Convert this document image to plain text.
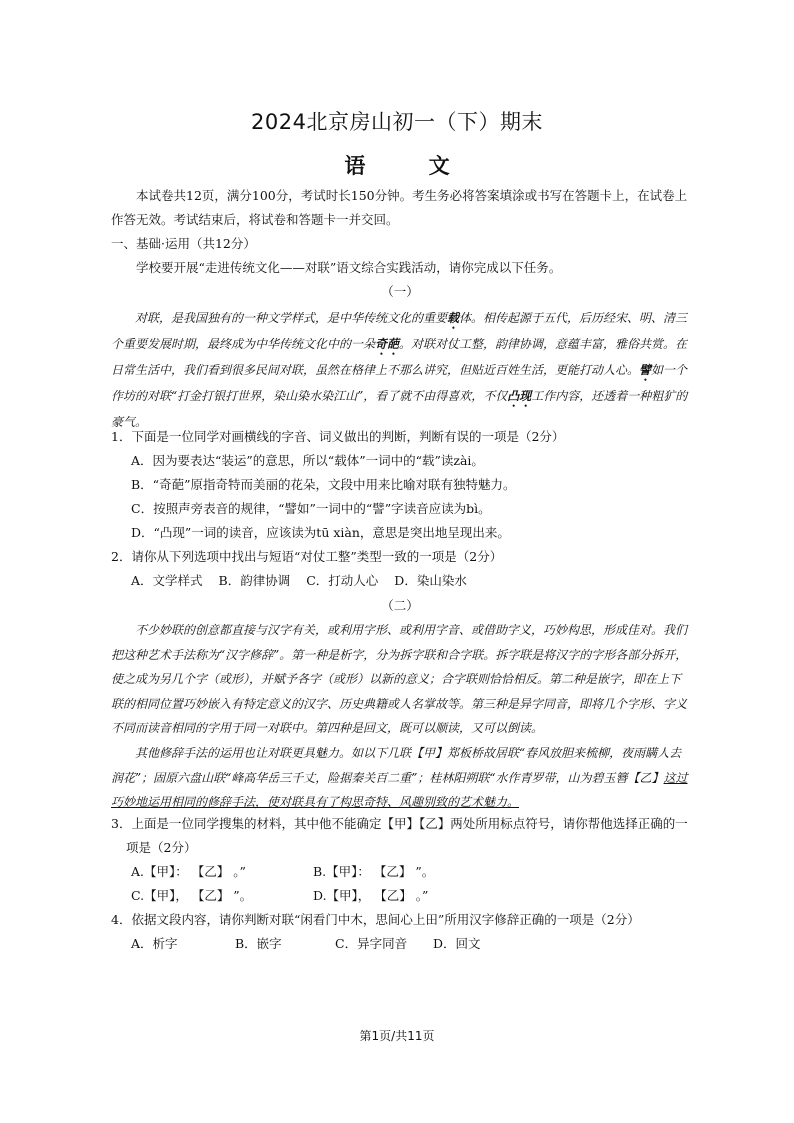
2024北京房山初一（下）期末
语 文

本试卷共12页，满分100分，考试时长150分钟。考生务必将答案填涂或书写在答题卡上，在试卷上作答无效。考试结束后，将试卷和答题卡一并交回。

一、基础·运用（共12分）

学校要开展“走进传统文化——对联”语文综合实践活动，请你完成以下任务。

（一）

对联，是我国独有的一种文学样式，是中华传统文化的重要载体。相传起源于五代，后历经宋、明、清三个重要发展时期，最终成为中华传统文化中的一朵奇葩。对联对仗工整，韵律协调，意蕴丰富，雅俗共赏。在日常生活中，我们看到很多民间对联，虽然在格律上不那么讲究，但贴近百姓生活，更能打动人心。譬如一个作坊的对联“打金打银打世界，染山染水染江山”，看了就不由得喜欢，不仅凸现工作内容，还透着一种粗犷的豪气。

1．下面是一位同学对画横线的字音、词义做出的判断，判断有误的一项是（2分）

A．因为要表达“装运”的意思，所以“载体”一词中的“载”读zài。

B．“奇葩”原指奇特而美丽的花朵，文段中用来比喻对联有独特魅力。

C．按照声旁表音的规律，“譬如”一词中的“譬”字读音应读为bì。

D．“凸现”一词的读音，应该读为tū xiàn，意思是突出地呈现出来。

2．请你从下列选项中找出与短语“对仗工整”类型一致的一项是（2分）

A．文学样式 B．韵律协调 C．打动人心 D．染山染水

（二）

不少妙联的创意都直接与汉字有关，或利用字形、或利用字音、或借助字义，巧妙构思，形成佳对。我们把这种艺术手法称为“汉字修辞”。第一种是析字，分为拆字联和合字联。拆字联是将汉字的字形各部分拆开，使之成为另几个字（或形），并赋予各字（或形）以新的意义；合字联则恰恰相反。第二种是嵌字，即在上下联的相同位置巧妙嵌入有特定意义的汉字、历史典籍或人名掌故等。第三种是异字同音，即将几个字形、字义不同而读音相同的字用于同一对联中。第四种是回文，既可以顺读，又可以倒读。

其他修辞手法的运用也让对联更具魅力。如以下几联【甲】郑板桥故居联“春风放胆来梳柳，夜雨瞒人去润花”；固原六盘山联“峰高华岳三千丈，险据秦关百二重”；桂林阳朔联“水作青罗带，山为碧玉簪【乙】这过巧妙地运用相同的修辞手法，使对联具有了构思奇特、风趣别致的艺术魅力。

3．上面是一位同学搜集的材料，其中他不能确定【甲】【乙】两处所用标点符号，请你帮他选择正确的一项是（2分）

A.【甲】： 【乙】 。”	B.【甲】： 【乙】 ”。
C.【甲】， 【乙】 ”。	D.【甲】， 【乙】 。”

4．依据文段内容，请你判断对联“闲看门中木，思间心上田”所用汉字修辞正确的一项是（2分）

A．析字	B．嵌字	C．异字同音	D．回文
第1页/共11页
